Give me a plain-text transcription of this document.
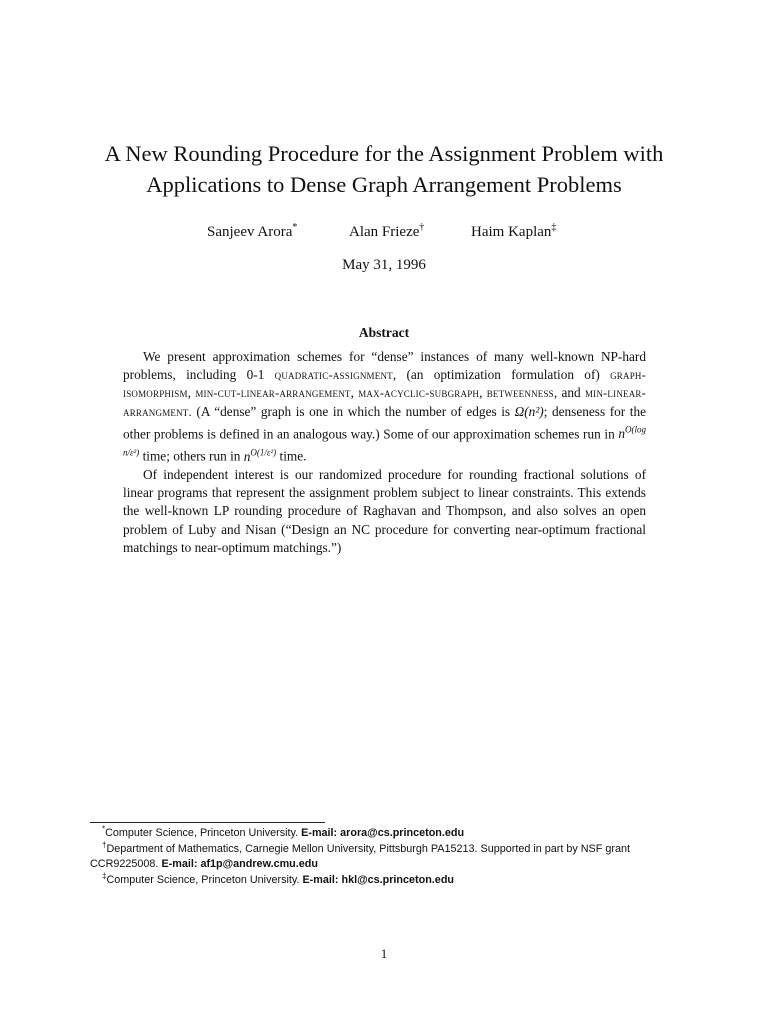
A New Rounding Procedure for the Assignment Problem with
Applications to Dense Graph Arrangement Problems
Sanjeev Arora*	Alan Frieze†	Haim Kaplan‡
May 31, 1996
Abstract

We present approximation schemes for “dense” instances of many well-known NP-hard problems, including 0-1 quadratic-assignment, (an optimization formulation of) graph-isomorphism, min-cut-linear-arrangement, max-acyclic-subgraph, betweenness, and min-linear-arrangment. (A “dense” graph is one in which the number of edges is Ω(n²); denseness for the other problems is defined in an analogous way.) Some of our approximation schemes run in $n^{O(log n/\varepsilon^2)}$ time; others run in $n^{O(1/\varepsilon^2)}$ time.

Of independent interest is our randomized procedure for rounding fractional solutions of linear programs that represent the assignment problem subject to linear constraints. This extends the well-known LP rounding procedure of Raghavan and Thompson, and also solves an open problem of Luby and Nisan (“Design an NC procedure for converting near-optimum fractional matchings to near-optimum matchings.”)

*Computer Science, Princeton University. E-mail: arora@cs.princeton.edu

†Department of Mathematics, Carnegie Mellon University, Pittsburgh PA15213. Supported in part by NSF grant CCR9225008. E-mail: af1p@andrew.cmu.edu

‡Computer Science, Princeton University. E-mail: hkl@cs.princeton.edu

1
